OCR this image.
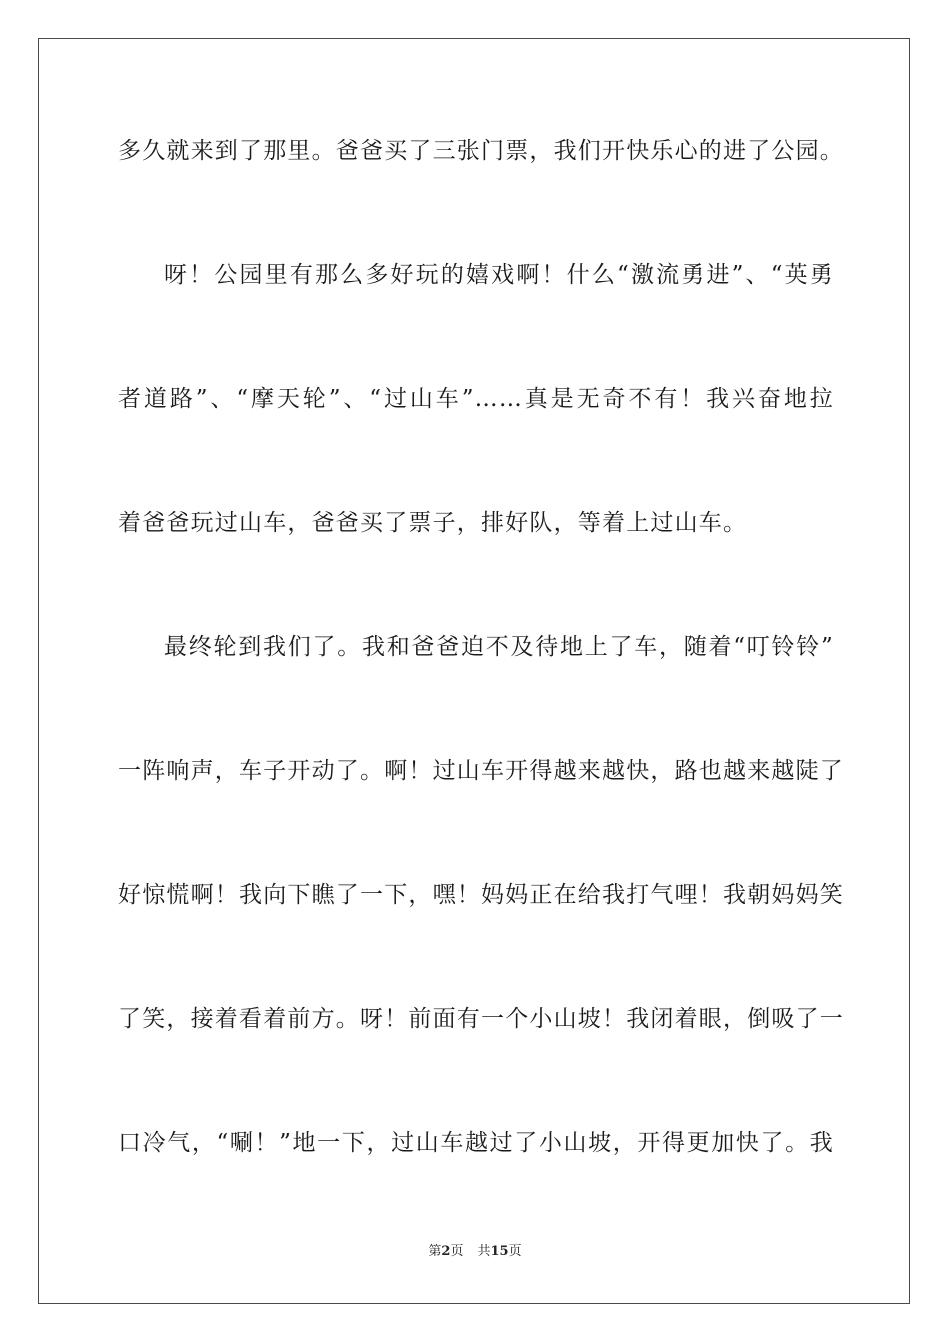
多久就来到了那里。爸爸买了三张门票，我们开快乐心的进了公园。
呀！公园里有那么多好玩的嬉戏啊！什么“激流勇进”、“英勇
者道路”、“摩天轮”、“过山车”……真是无奇不有！我兴奋地拉
着爸爸玩过山车，爸爸买了票子，排好队，等着上过山车。
最终轮到我们了。我和爸爸迫不及待地上了车，随着“叮铃铃”
一阵响声，车子开动了。啊！过山车开得越来越快，路也越来越陡了
好惊慌啊！我向下瞧了一下，嘿！妈妈正在给我打气哩！我朝妈妈笑
了笑，接着看着前方。呀！前面有一个小山坡！我闭着眼，倒吸了一
口冷气，“唰！”地一下，过山车越过了小山坡，开得更加快了。我
第2页 共15页
